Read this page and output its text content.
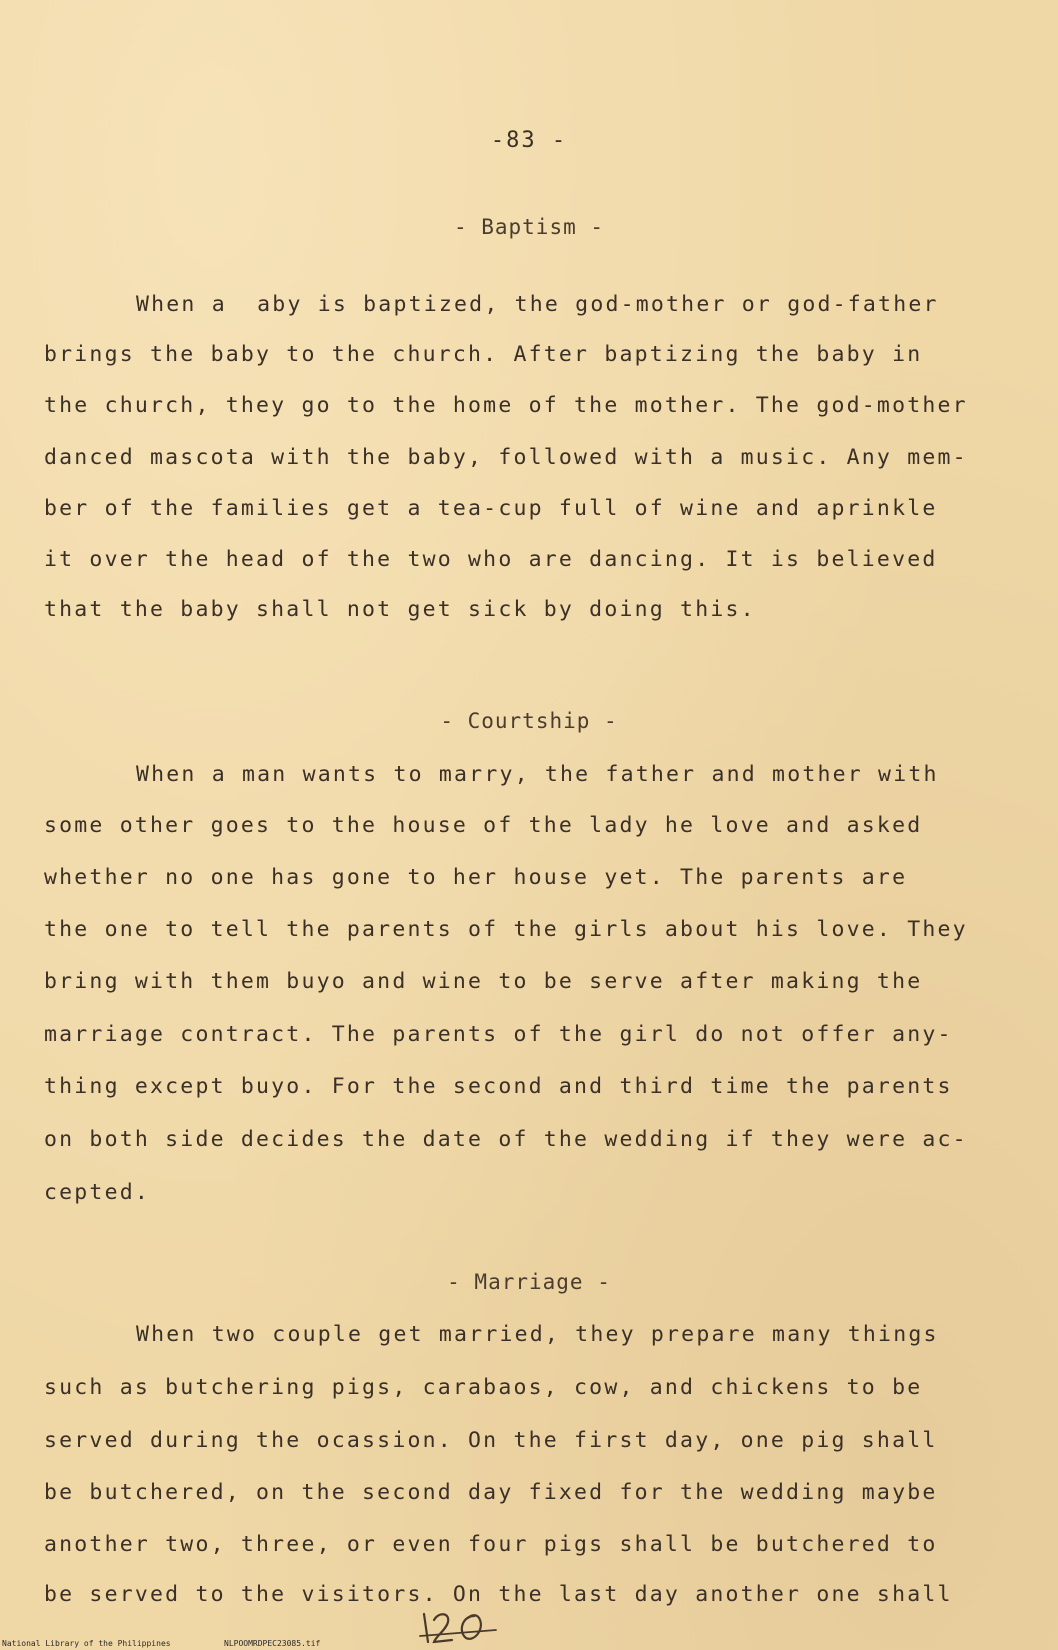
-83 -
- Baptism -
When a  aby is baptized, the god-mother or god-father
brings the baby to the church. After baptizing the baby in
the church, they go to the home of the mother. The god-mother
danced mascota with the baby, followed with a music. Any mem-
ber of the families get a tea-cup full of wine and aprinkle
it over the head of the two who are dancing. It is believed
that the baby shall not get sick by doing this.
- Courtship -
When a man wants to marry, the father and mother with
some other goes to the house of the lady he love and asked
whether no one has gone to her house yet. The parents are
the one to tell the parents of the girls about his love. They
bring with them buyo and wine to be serve after making the
marriage contract. The parents of the girl do not offer any-
thing except buyo. For the second and third time the parents
on both side decides the date of the wedding if they were ac-
cepted.
- Marriage -
When two couple get married, they prepare many things
such as butchering pigs, carabaos, cow, and chickens to be
served during the ocassion. On the first day, one pig shall
be butchered, on the second day fixed for the wedding maybe
another two, three, or even four pigs shall be butchered to
be served to the visitors. On the last day another one shall
National Library of the Philippines	NLPOOMRDPEC23085.tif
